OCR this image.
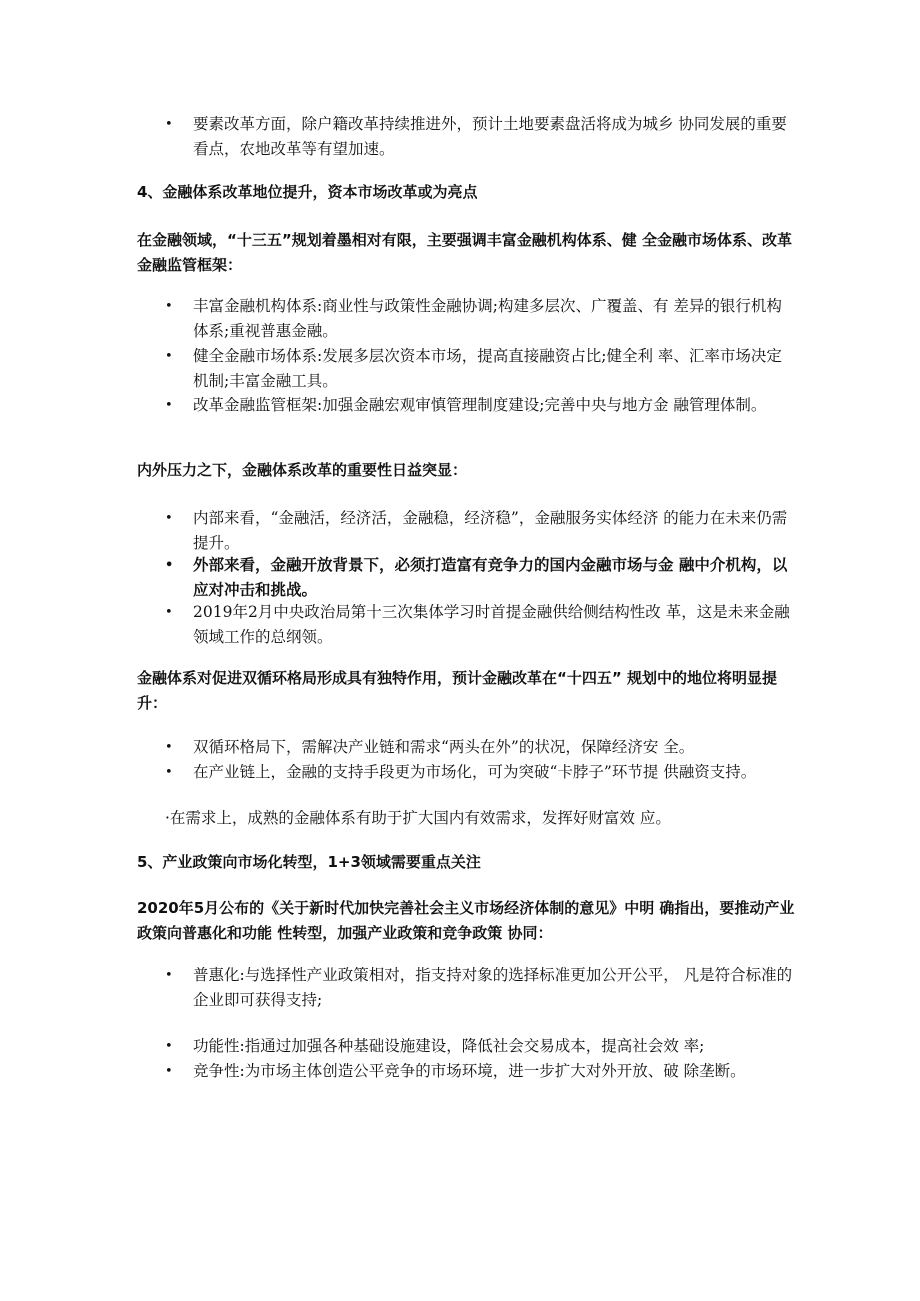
• 要素改革方面，除户籍改革持续推进外，预计土地要素盘活将成为城乡 协同发展的重要看点，农地改革等有望加速。
4、金融体系改革地位提升，资本市场改革或为亮点
在金融领域，“十三五”规划着墨相对有限，主要强调丰富金融机构体系、健 全金融市场体系、改革金融监管框架：
• 丰富金融机构体系:商业性与政策性金融协调;构建多层次、广覆盖、有 差异的银行机构体系;重视普惠金融。
• 健全金融市场体系:发展多层次资本市场，提高直接融资占比;健全利 率、汇率市场决定机制;丰富金融工具。
• 改革金融监管框架:加强金融宏观审慎管理制度建设;完善中央与地方金 融管理体制。
内外压力之下，金融体系改革的重要性日益突显：
• 内部来看，“金融活，经济活，金融稳，经济稳”，金融服务实体经济 的能力在未来仍需提升。
• 外部来看，金融开放背景下，必须打造富有竞争力的国内金融市场与金 融中介机构，以应对冲击和挑战。
• 2019年2月中央政治局第十三次集体学习时首提金融供给侧结构性改 革，这是未来金融领域工作的总纲领。
金融体系对促进双循环格局形成具有独特作用，预计金融改革在“十四五” 规划中的地位将明显提升：
• 双循环格局下，需解决产业链和需求“两头在外”的状况，保障经济安 全。
• 在产业链上，金融的支持手段更为市场化，可为突破“卡脖子”环节提 供融资支持。
·在需求上，成熟的金融体系有助于扩大国内有效需求，发挥好财富效 应。
5、产业政策向市场化转型，1+3领域需要重点关注
2020年5月公布的《关于新时代加快完善社会主义市场经济体制的意见》中明 确指出，要推动产业政策向普惠化和功能 性转型，加强产业政策和竞争政策 协同：
• 普惠化:与选择性产业政策相对，指支持对象的选择标准更加公开公平， 凡是符合标准的企业即可获得支持;
• 功能性:指通过加强各种基础设施建设，降低社会交易成本，提高社会效 率;
• 竞争性:为市场主体创造公平竞争的市场环境，进一步扩大对外开放、破 除垄断。
